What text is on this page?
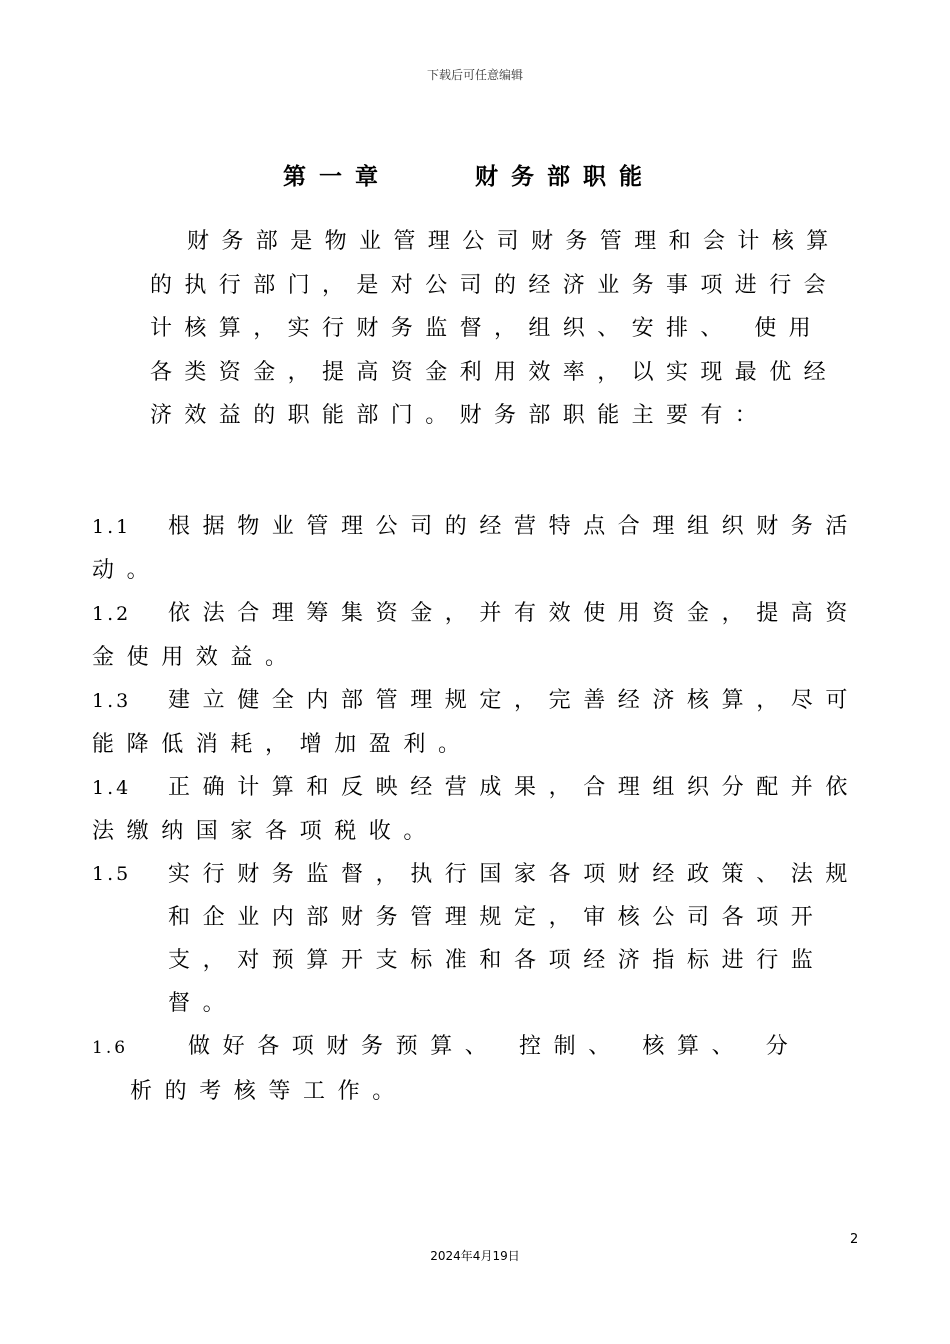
下载后可任意编辑
第一章    财务部职能

财务部是物业管理公司财务管理和会计核算的执行部门，是对公司的经济业务事项进行会计核算，实行财务监督，组织、安排、 使用各类资金，提高资金利用效率，以实现最优经济效益的职能部门。财务部职能主要有：

1.1 根据物业管理公司的经营特点合理组织财务活动。
1.2 依法合理筹集资金，并有效使用资金，提高资金使用效益。
1.3 建立健全内部管理规定，完善经济核算，尽可能降低消耗，增加盈利。
1.4 正确计算和反映经营成果，合理组织分配并依法缴纳国家各项税收。
1.5	实行财务监督，执行国家各项财经政策、法规和企业内部财务管理规定，审核公司各项开支，对预算开支标准和各项经济指标进行监督。
1.6	做好各项财务预算、 控制、 核算、 分
析的考核等工作。
2
2024年4月19日
